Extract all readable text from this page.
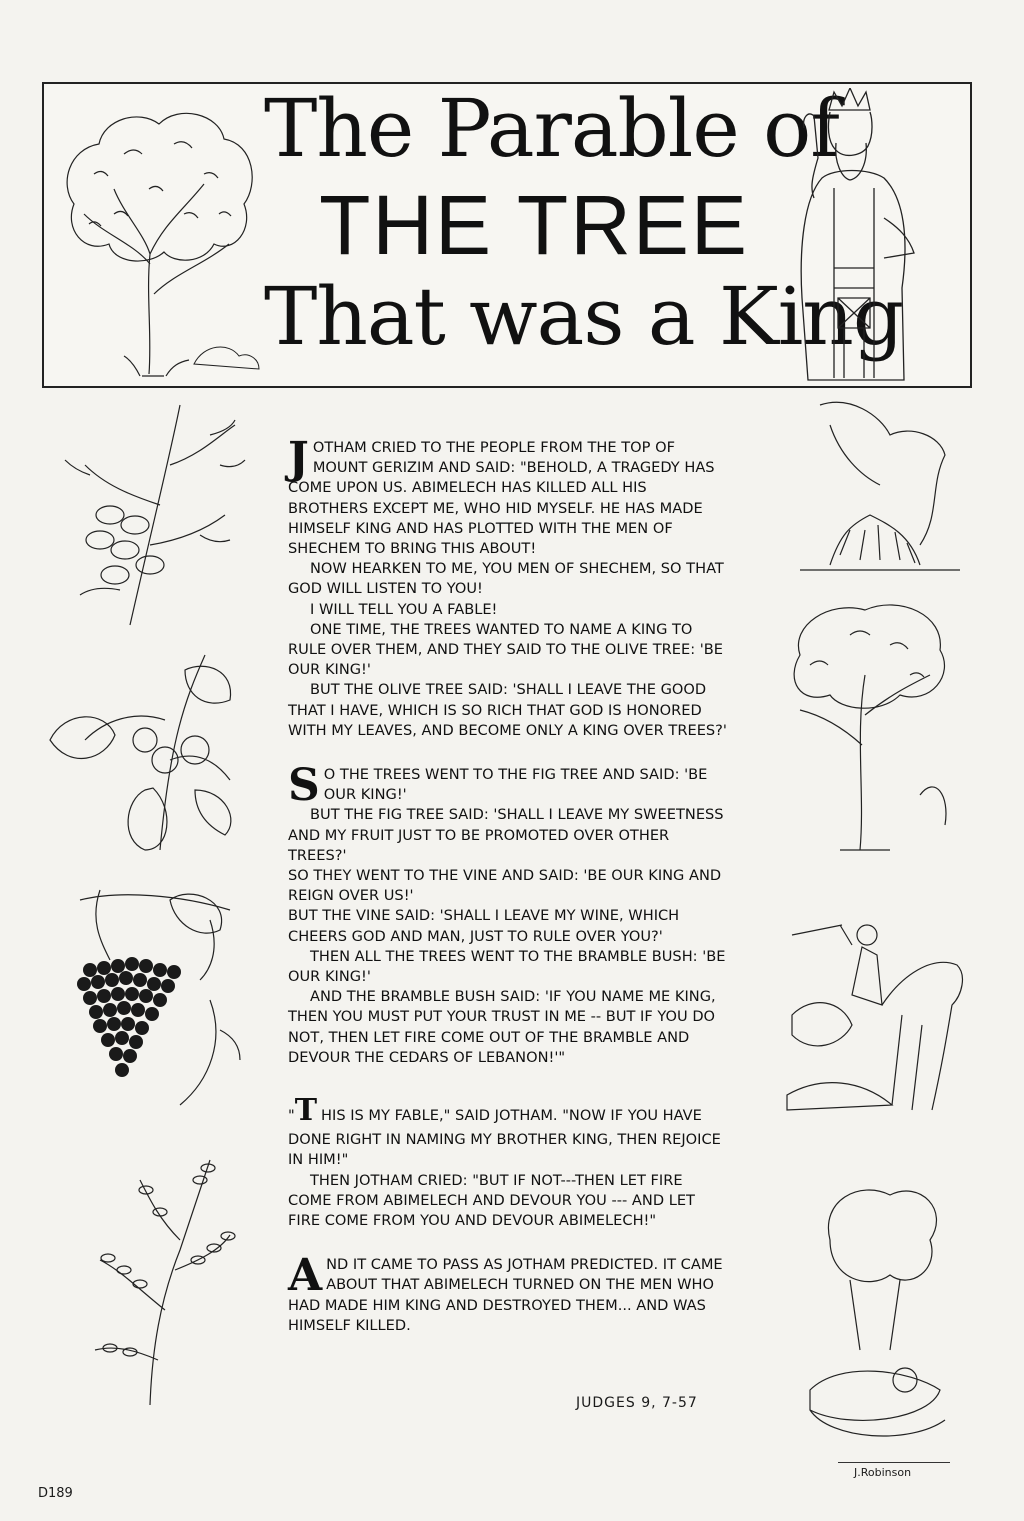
The Parable of
THE TREE
That was a King

JOTHAM CRIED TO THE PEOPLE FROM THE TOP OF MOUNT GERIZIM AND SAID: "BEHOLD, A TRAGEDY HAS COME UPON US. ABIMELECH HAS KILLED ALL HIS BROTHERS EXCEPT ME, WHO HID MYSELF. HE HAS MADE HIMSELF KING AND HAS PLOTTED WITH THE MEN OF SHECHEM TO BRING THIS ABOUT!
NOW HEARKEN TO ME, YOU MEN OF SHECHEM, SO THAT GOD WILL LISTEN TO YOU!
I WILL TELL YOU A FABLE!
ONE TIME, THE TREES WANTED TO NAME A KING TO RULE OVER THEM, AND THEY SAID TO THE OLIVE TREE: 'BE OUR KING!'
BUT THE OLIVE TREE SAID: 'SHALL I LEAVE THE GOOD THAT I HAVE, WHICH IS SO RICH THAT GOD IS HONORED WITH MY LEAVES, AND BECOME ONLY A KING OVER TREES?'

SO THE TREES WENT TO THE FIG TREE AND SAID: 'BE OUR KING!'
BUT THE FIG TREE SAID: 'SHALL I LEAVE MY SWEETNESS AND MY FRUIT JUST TO BE PROMOTED OVER OTHER TREES?'
SO THEY WENT TO THE VINE AND SAID: 'BE OUR KING AND REIGN OVER US!'
BUT THE VINE SAID: 'SHALL I LEAVE MY WINE, WHICH CHEERS GOD AND MAN, JUST TO RULE OVER YOU?'
THEN ALL THE TREES WENT TO THE BRAMBLE BUSH: 'BE OUR KING!'
AND THE BRAMBLE BUSH SAID: 'IF YOU NAME ME KING, THEN YOU MUST PUT YOUR TRUST IN ME -- BUT IF YOU DO NOT, THEN LET FIRE COME OUT OF THE BRAMBLE AND DEVOUR THE CEDARS OF LEBANON!'"

"T HIS IS MY FABLE," SAID JOTHAM. "NOW IF YOU HAVE DONE RIGHT IN NAMING MY BROTHER KING, THEN REJOICE IN HIM!"
THEN JOTHAM CRIED: "BUT IF NOT---THEN LET FIRE COME FROM ABIMELECH AND DEVOUR YOU --- AND LET FIRE COME FROM YOU AND DEVOUR ABIMELECH!"

AND IT CAME TO PASS AS JOTHAM PREDICTED. IT CAME ABOUT THAT ABIMELECH TURNED ON THE MEN WHO HAD MADE HIM KING AND DESTROYED THEM... AND WAS HIMSELF KILLED.

JUDGES 9, 7-57
J.Robinson
D189
